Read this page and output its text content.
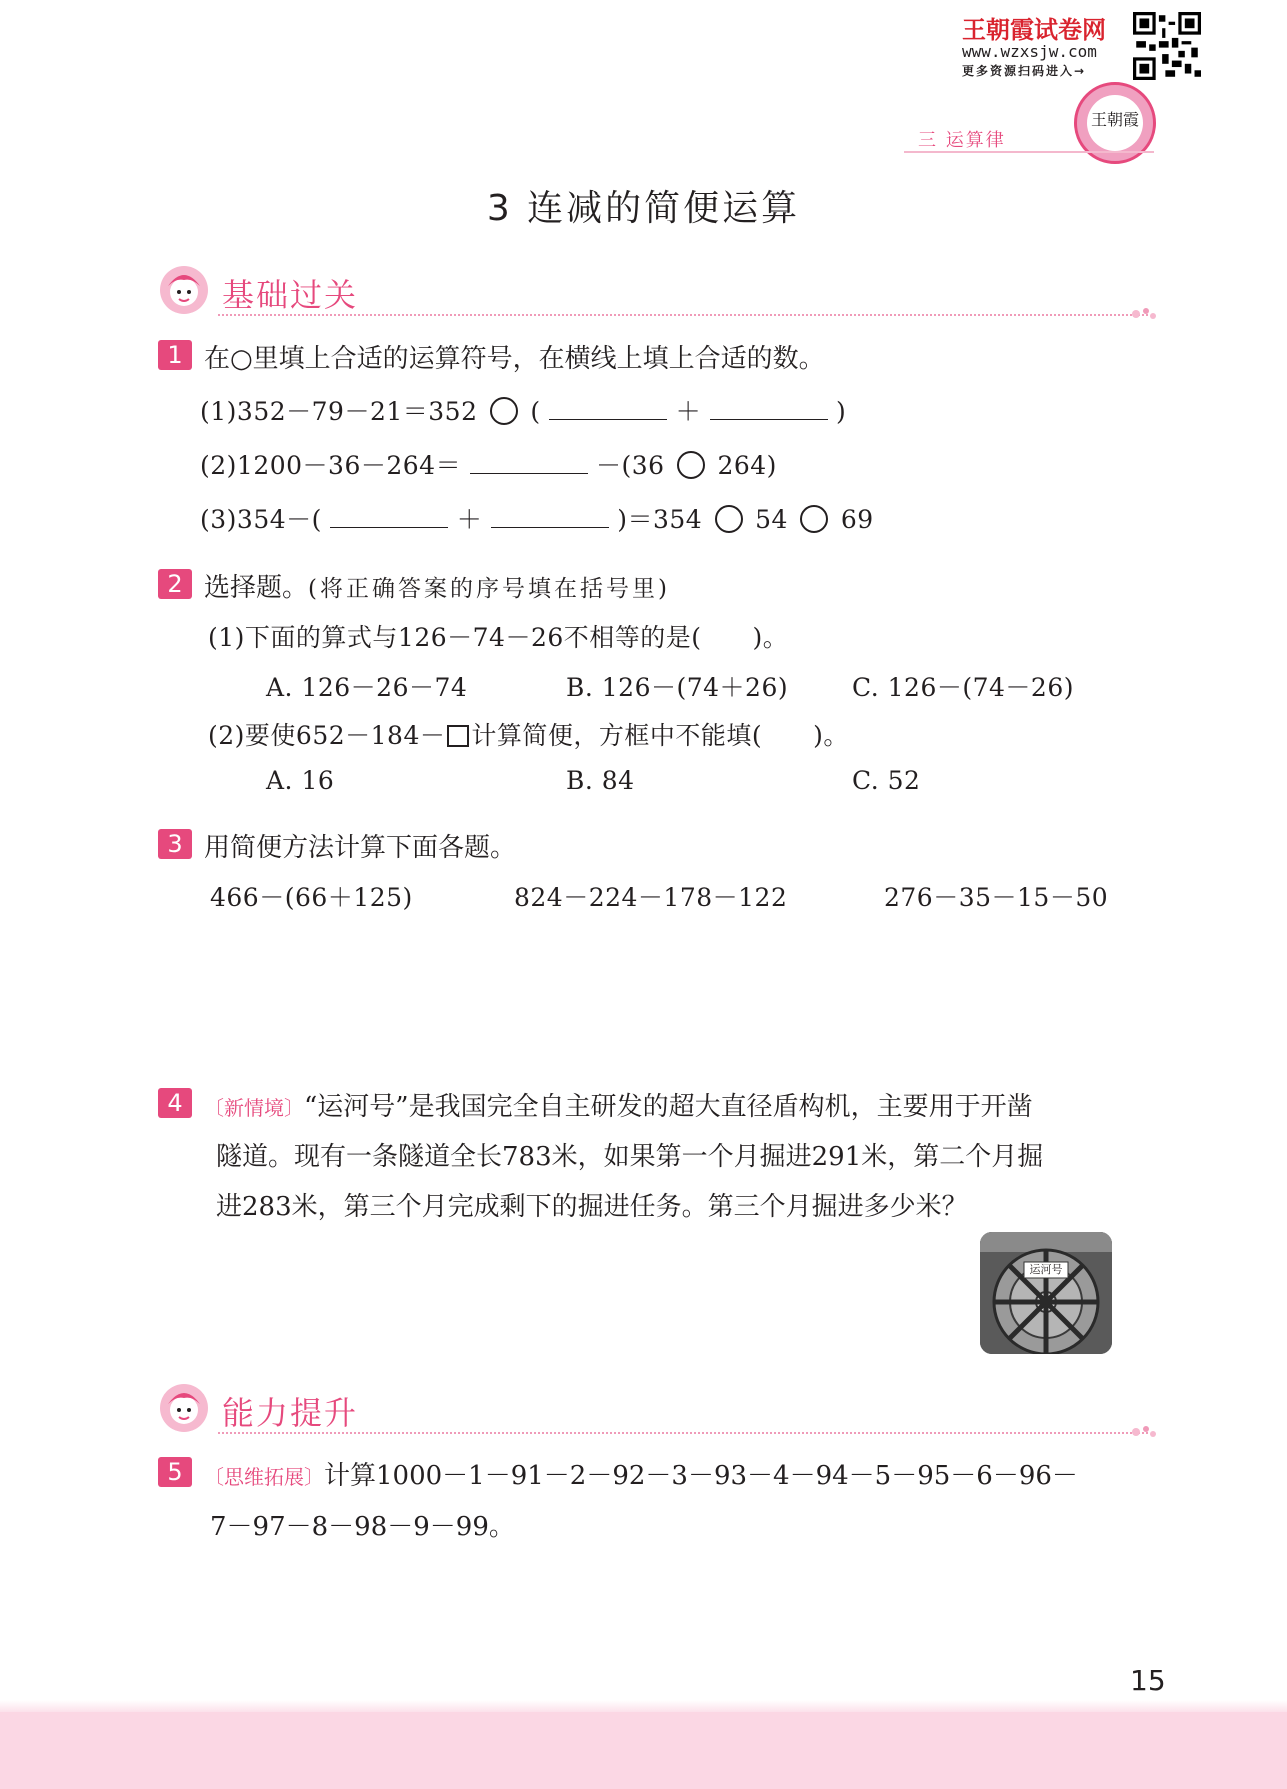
王朝霞试卷网
www.wzxsjw.com
更多资源扫码进入→
王朝霞
三 运算律
3 连减的简便运算
基础过关
1 在○里填上合适的运算符号，在横线上填上合适的数。
(1)352－79－21＝352 (	＋	)
(2)1200－36－264＝	－(36 264)
(3)354－(	＋	)＝354 54 69
2 选择题。(将正确答案的序号填在括号里)
(1)下面的算式与126－74－26不相等的是(　　)。
A. 126－26－74	B. 126－(74＋26)	C. 126－(74－26)
(2)要使652－184－ 计算简便，方框中不能填(　　)。
A. 16	B. 84	C. 52
3 用简便方法计算下面各题。
466－(66＋125)	824－224－178－122	276－35－15－50
4	〔新情境〕“运河号”是我国完全自主研发的超大直径盾构机，主要用于开凿
隧道。现有一条隧道全长783米，如果第一个月掘进291米，第二个月掘
进283米，第三个月完成剩下的掘进任务。第三个月掘进多少米？
运河号
能力提升
5	〔思维拓展〕计算1000－1－91－2－92－3－93－4－94－5－95－6－96－
7－97－8－98－9－99。
15
